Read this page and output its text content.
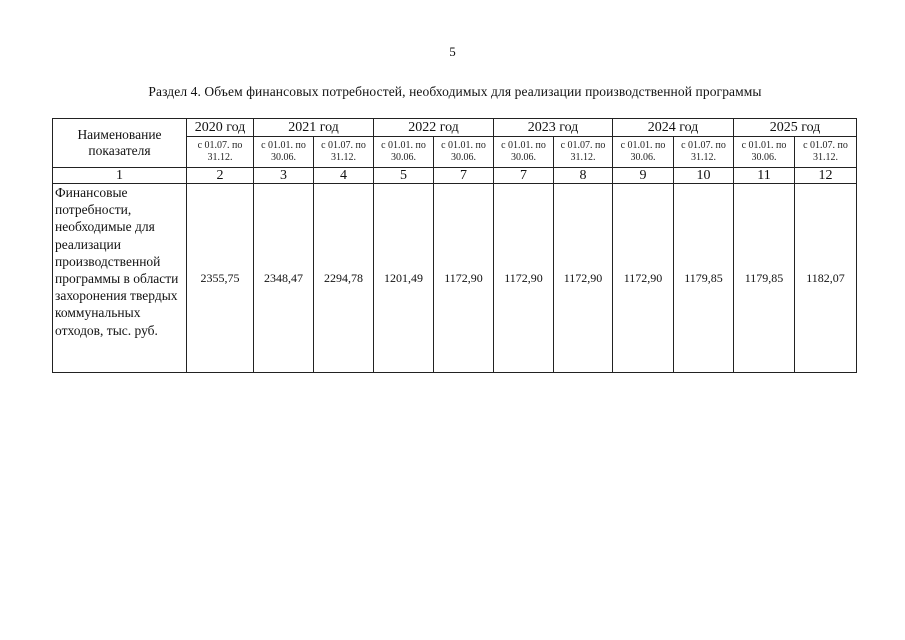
5
Раздел 4. Объем финансовых потребностей, необходимых для реализации производственной программы
Наименование показателя	2020 год	2021 год		2022 год		2023 год		2024 год		2025 год	
	с 01.07. по 31.12.	с 01.01. по 30.06.	с 01.07. по 31.12.	с 01.01. по 30.06.	с 01.01. по 30.06.	с 01.01. по 30.06.	с 01.07. по 31.12.	с 01.01. по 30.06.	с 01.07. по 31.12.	с 01.01. по 30.06.	с 01.07. по 31.12.
1	2	3	4	5	7	7	8	9	10	11	12
Финансовые потребности, необходимые для реализации производственной программы в области захоронения твердых коммунальных отходов, тыс. руб.	2355,75	2348,47	2294,78	1201,49	1172,90	1172,90	1172,90	1172,90	1179,85	1179,85	1182,07
